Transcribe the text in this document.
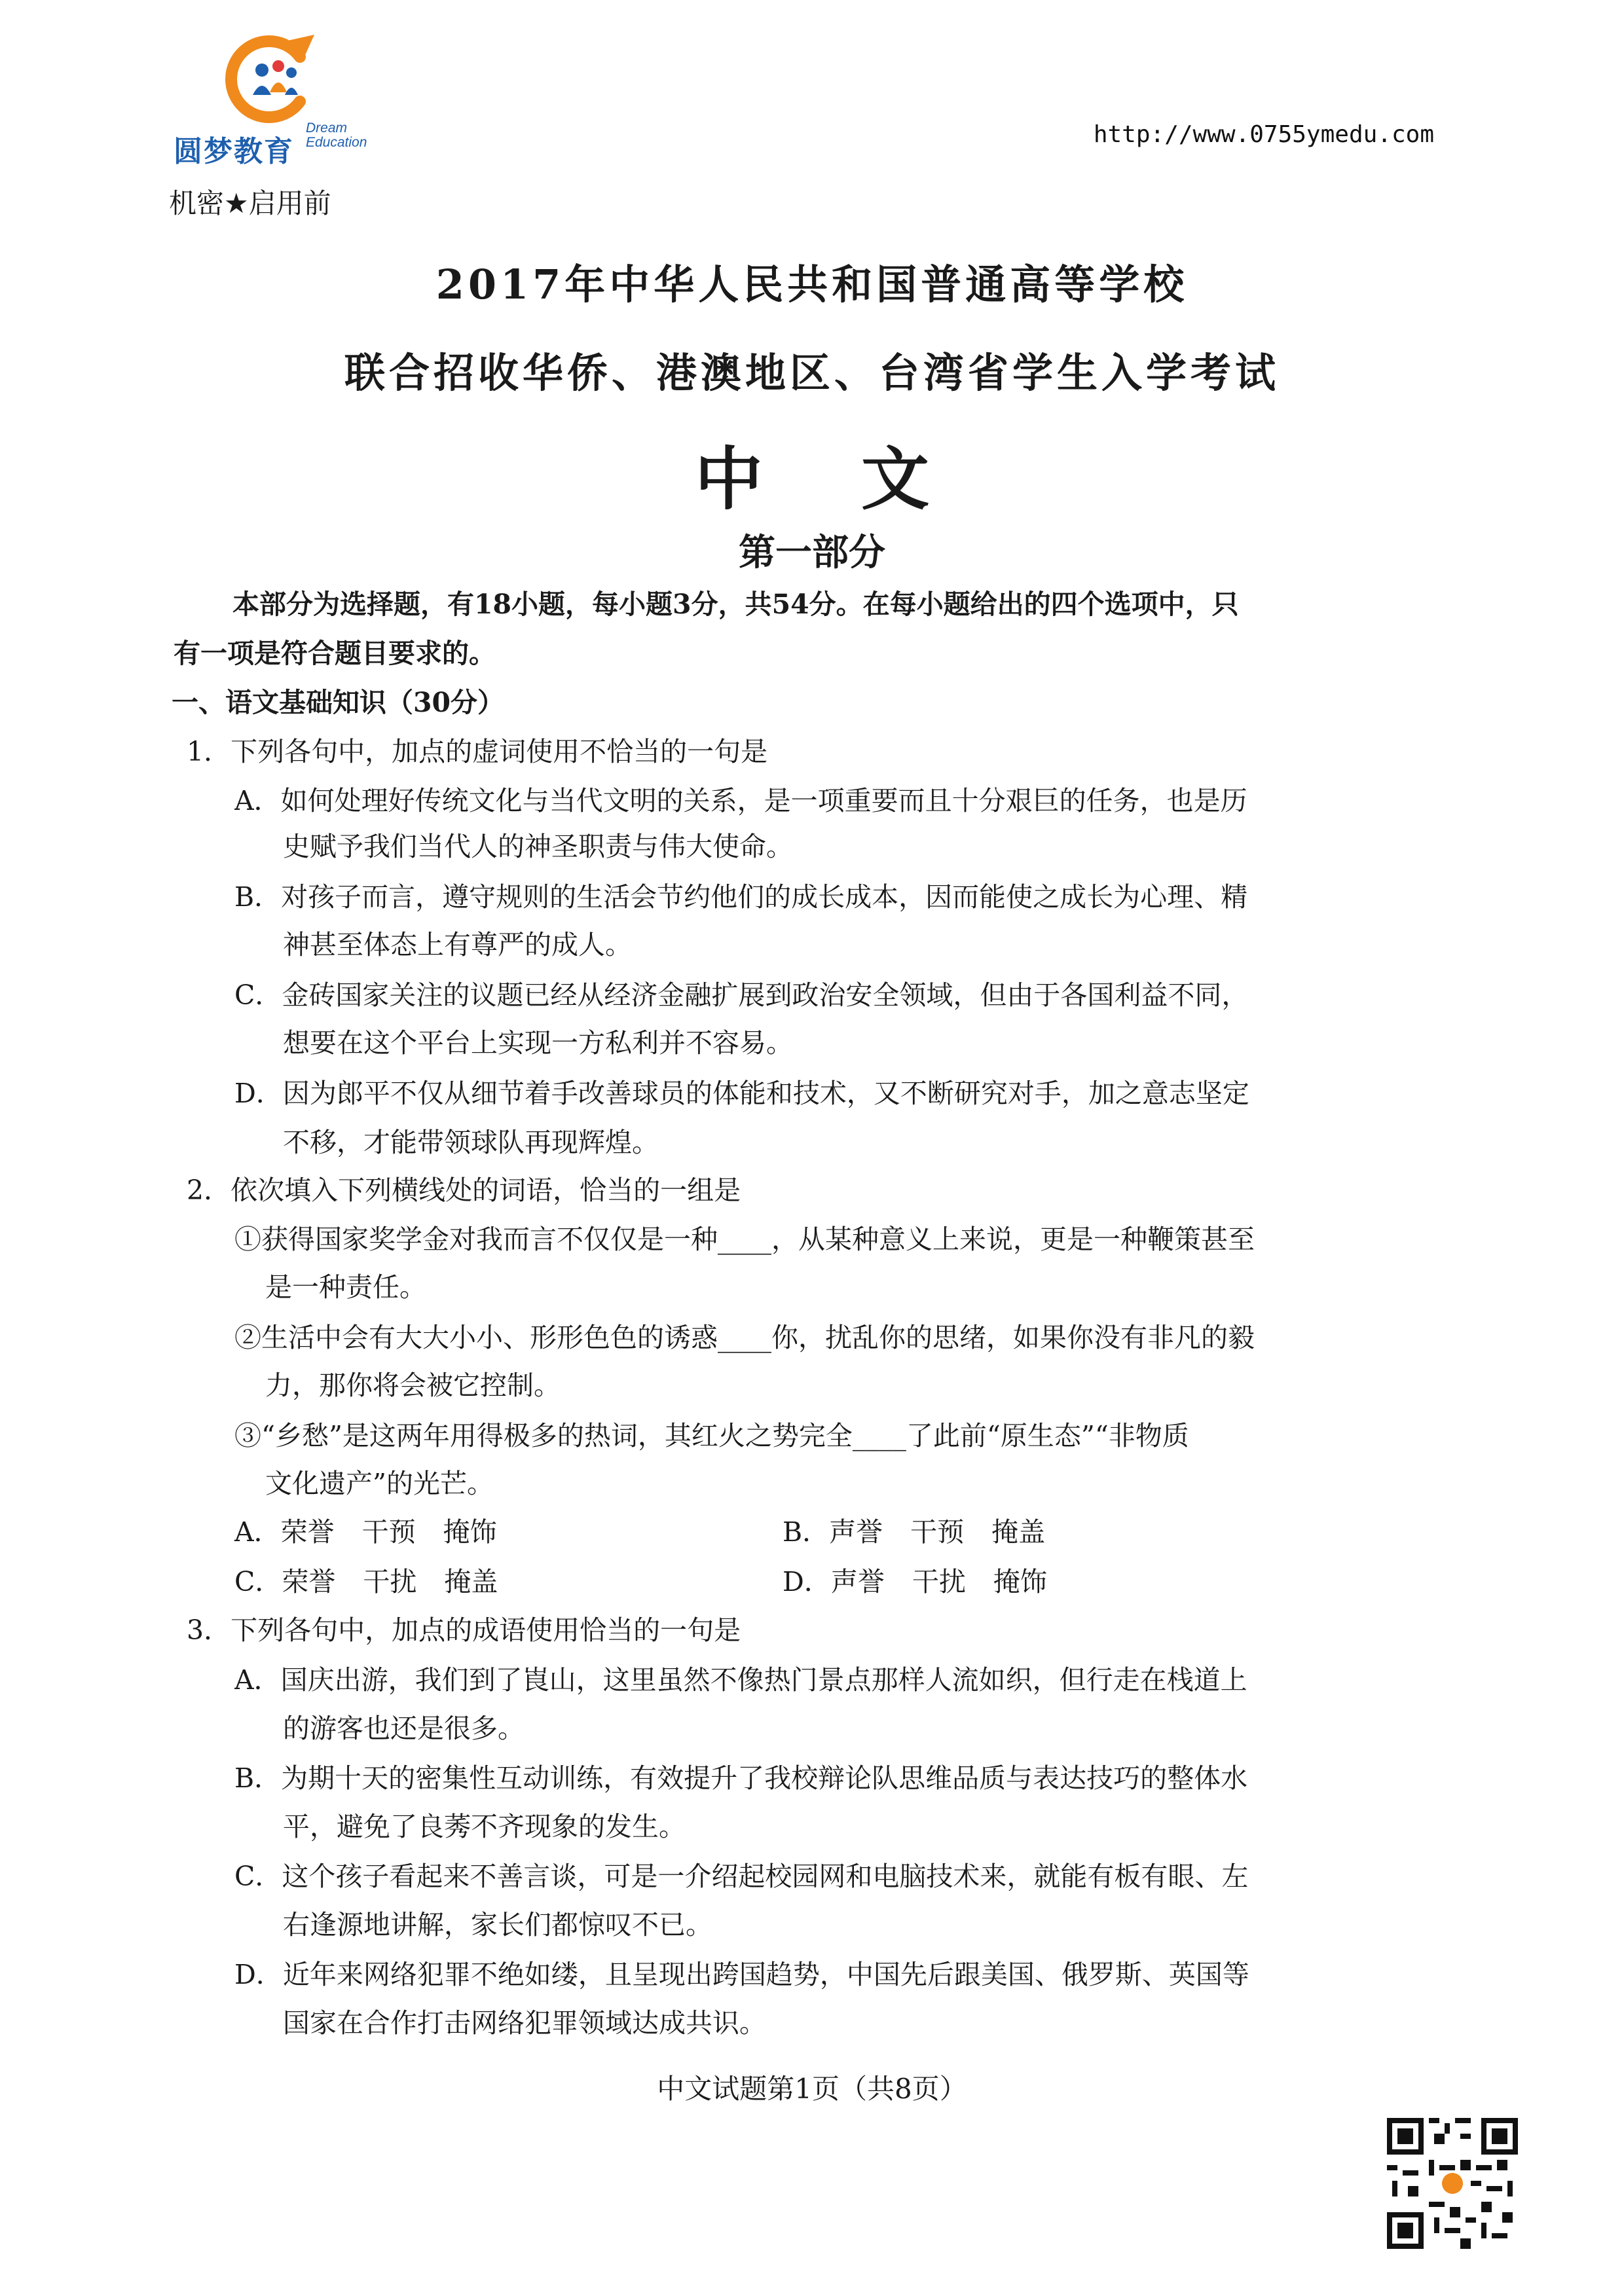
圆梦教育
Dream
Education	http://www.0755ymedu.com
机密★启用前
2017年中华人民共和国普通高等学校
联合招收华侨、港澳地区、台湾省学生入学考试
中文
第一部分
本部分为选择题，有18小题，每小题3分，共54分。在每小题给出的四个选项中，只
有一项是符合题目要求的。
一、语文基础知识（30分）
1．下列各句中，加点的虚词使用不恰当的一句是
A．如何处理好传统文化与当代文明的关系，是一项重要而且十分艰巨的任务，也是历
史赋予我们当代人的神圣职责与伟大使命。
B．对孩子而言，遵守规则的生活会节约他们的成长成本，因而能使之成长为心理、精
神甚至体态上有尊严的成人。
C．金砖国家关注的议题已经从经济金融扩展到政治安全领域，但由于各国利益不同，
想要在这个平台上实现一方私利并不容易。
D．因为郎平不仅从细节着手改善球员的体能和技术，又不断研究对手，加之意志坚定
不移，才能带领球队再现辉煌。
2．依次填入下列横线处的词语，恰当的一组是
①获得国家奖学金对我而言不仅仅是一种____，从某种意义上来说，更是一种鞭策甚至
是一种责任。
②生活中会有大大小小、形形色色的诱惑____你，扰乱你的思绪，如果你没有非凡的毅
力，那你将会被它控制。
③“乡愁”是这两年用得极多的热词，其红火之势完全____了此前“原生态”“非物质
文化遗产”的光芒。
A．荣誉 干预 掩饰	B．声誉 干预 掩盖
C．荣誉 干扰 掩盖	D．声誉 干扰 掩饰
3．下列各句中，加点的成语使用恰当的一句是
A．国庆出游，我们到了崀山，这里虽然不像热门景点那样人流如织，但行走在栈道上
的游客也还是很多。
B．为期十天的密集性互动训练，有效提升了我校辩论队思维品质与表达技巧的整体水
平，避免了良莠不齐现象的发生。
C．这个孩子看起来不善言谈，可是一介绍起校园网和电脑技术来，就能有板有眼、左
右逢源地讲解，家长们都惊叹不已。
D．近年来网络犯罪不绝如缕，且呈现出跨国趋势，中国先后跟美国、俄罗斯、英国等
国家在合作打击网络犯罪领域达成共识。
中文试题第1页（共8页）
